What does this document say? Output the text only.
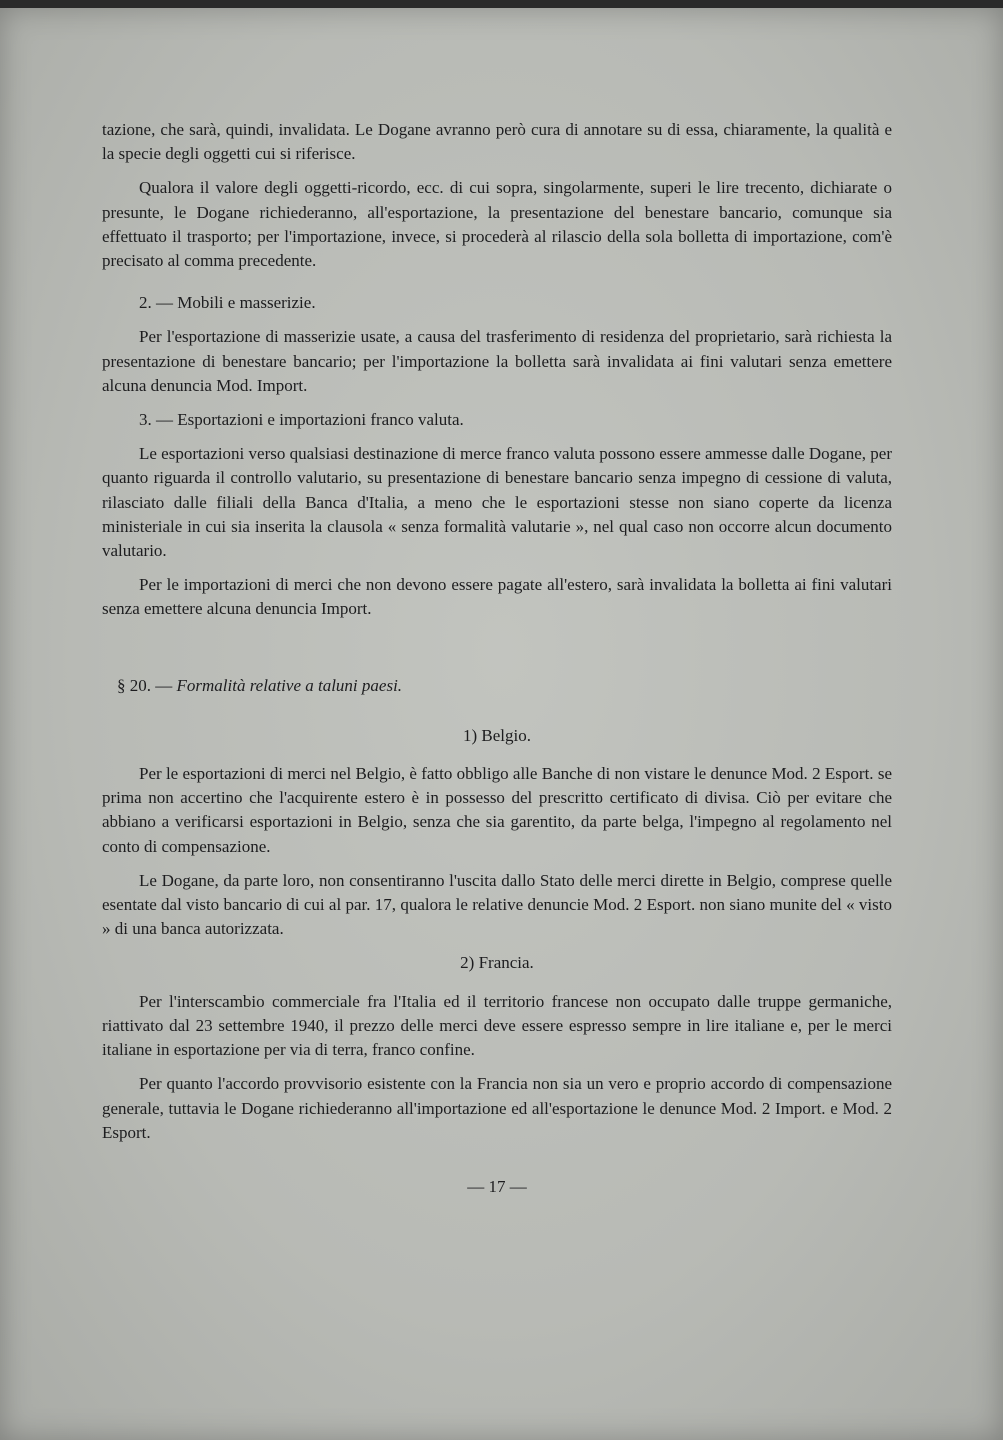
tazione, che sarà, quindi, invalidata. Le Dogane avranno però cura di annotare su di essa, chiaramente, la qualità e la specie degli oggetti cui si riferisce.

Qualora il valore degli oggetti-ricordo, ecc. di cui sopra, singolarmente, superi le lire trecento, dichiarate o presunte, le Dogane richiederanno, all'esportazione, la presentazione del benestare bancario, comunque sia effettuato il trasporto; per l'importazione, invece, si procederà al rilascio della sola bolletta di importazione, com'è precisato al comma precedente.

2. — Mobili e masserizie.

Per l'esportazione di masserizie usate, a causa del trasferimento di residenza del proprietario, sarà richiesta la presentazione di benestare bancario; per l'importazione la bolletta sarà invalidata ai fini valutari senza emettere alcuna denuncia Mod. Import.

3. — Esportazioni e importazioni franco valuta.

Le esportazioni verso qualsiasi destinazione di merce franco valuta possono essere ammesse dalle Dogane, per quanto riguarda il controllo valutario, su presentazione di benestare bancario senza impegno di cessione di valuta, rilasciato dalle filiali della Banca d'Italia, a meno che le esportazioni stesse non siano coperte da licenza ministeriale in cui sia inserita la clausola « senza formalità valutarie », nel qual caso non occorre alcun documento valutario.

Per le importazioni di merci che non devono essere pagate all'estero, sarà invalidata la bolletta ai fini valutari senza emettere alcuna denuncia Import.

§ 20. — Formalità relative a taluni paesi.
1) Belgio.

Per le esportazioni di merci nel Belgio, è fatto obbligo alle Banche di non vistare le denunce Mod. 2 Esport. se prima non accertino che l'acquirente estero è in possesso del prescritto certificato di divisa. Ciò per evitare che abbiano a verificarsi esportazioni in Belgio, senza che sia garentito, da parte belga, l'impegno al regolamento nel conto di compensazione.

Le Dogane, da parte loro, non consentiranno l'uscita dallo Stato delle merci dirette in Belgio, comprese quelle esentate dal visto bancario di cui al par. 17, qualora le relative denuncie Mod. 2 Esport. non siano munite del « visto » di una banca autorizzata.

2) Francia.

Per l'interscambio commerciale fra l'Italia ed il territorio francese non occupato dalle truppe germaniche, riattivato dal 23 settembre 1940, il prezzo delle merci deve essere espresso sempre in lire italiane e, per le merci italiane in esportazione per via di terra, franco confine.

Per quanto l'accordo provvisorio esistente con la Francia non sia un vero e proprio accordo di compensazione generale, tuttavia le Dogane richiederanno all'importazione ed all'esportazione le denunce Mod. 2 Import. e Mod. 2 Esport.

— 17 —
